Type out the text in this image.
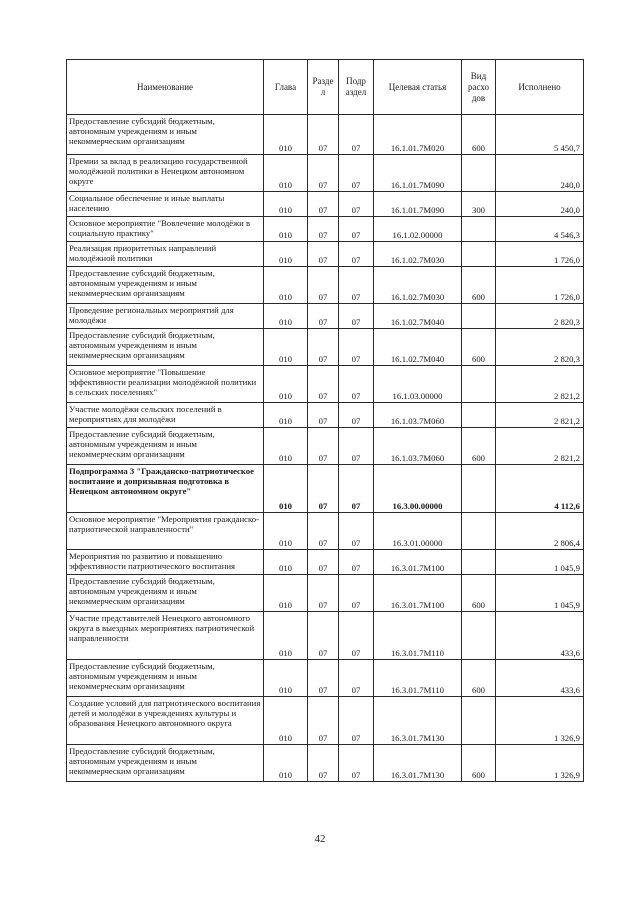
Наименование	Глава	Разде л	Подр аздел	Целевая статья	Вид расхо дов	Исполнено
Предоставление субсидий бюджетным, автономным учреждениям и иным некоммерческим организациям	010	07	07	16.1.01.7М020	600	5 450,7
Премии за вклад в реализацию государственной молодёжной политики в Ненецком автономном округе	010	07	07	16.1.01.7М090		240,0
Социальное обеспечение и иные выплаты населению	010	07	07	16.1.01.7М090	300	240,0
Основное мероприятие "Вовлечение молодёжи в социальную практику"	010	07	07	16.1.02.00000		4 546,3
Реализация приоритетных направлений молодёжной политики	010	07	07	16.1.02.7М030		1 726,0
Предоставление субсидий бюджетным, автономным учреждениям и иным некоммерческим организациям	010	07	07	16.1.02.7М030	600	1 726,0
Проведение региональных мероприятий для молодёжи	010	07	07	16.1.02.7М040		2 820,3
Предоставление субсидий бюджетным, автономным учреждениям и иным некоммерческим организациям	010	07	07	16.1.02.7М040	600	2 820,3
Основное мероприятие "Повышение эффективности реализации молодёжной политики в сельских поселениях"	010	07	07	16.1.03.00000		2 821,2
Участие молодёжи сельских поселений в мероприятиях для молодёжи	010	07	07	16.1.03.7М060		2 821,2
Предоставление субсидий бюджетным, автономным учреждениям и иным некоммерческим организациям	010	07	07	16.1.03.7М060	600	2 821,2
Подпрограмма 3 "Гражданско-патриотическое воспитание и допризывная подготовка в Ненецком автономном округе"	010	07	07	16.3.00.00000		4 112,6
Основное мероприятие "Мероприятия гражданско-патриотической направленности"	010	07	07	16.3.01.00000		2 806,4
Мероприятия по развитию и повышению эффективности патриотического воспитания	010	07	07	16.3.01.7М100		1 045,9
Предоставление субсидий бюджетным, автономным учреждениям и иным некоммерческим организациям	010	07	07	16.3.01.7М100	600	1 045,9
Участие представителей Ненецкого автономного округа в выездных мероприятиях патриотической направленности	010	07	07	16.3.01.7М110		433,6
Предоставление субсидий бюджетным, автономным учреждениям и иным некоммерческим организациям	010	07	07	16.3.01.7М110	600	433,6
Создание условий для патриотического воспитания детей и молодёжи в учреждениях культуры и образования Ненецкого автономного округа	010	07	07	16.3.01.7М130		1 326,9
Предоставление субсидий бюджетным, автономным учреждениям и иным некоммерческим организациям	010	07	07	16.3.01.7М130	600	1 326,9
42
